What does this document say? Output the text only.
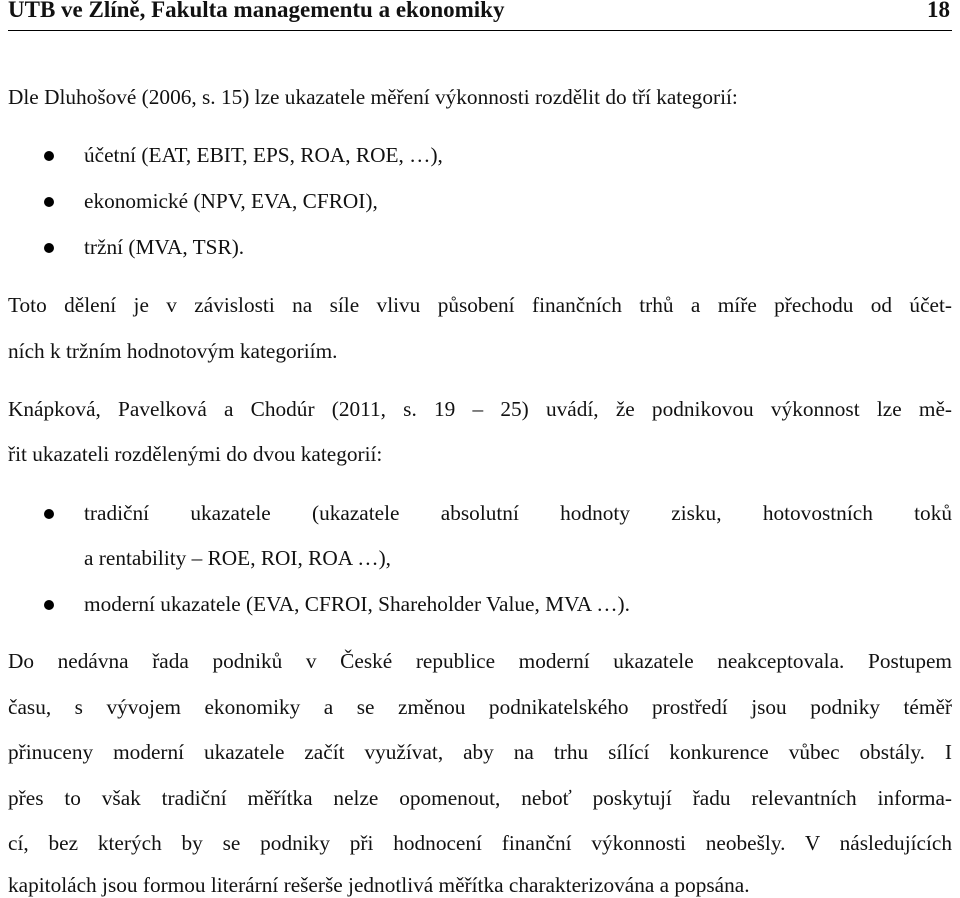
UTB ve Zlíně, Fakulta managementu a ekonomiky	18
Dle Dluhošové (2006, s. 15) lze ukazatele měření výkonnosti rozdělit do tří kategorií:
účetní (EAT, EBIT, EPS, ROA, ROE, …),
ekonomické (NPV, EVA, CFROI),
tržní (MVA, TSR).
Toto dělení je v závislosti na síle vlivu působení finančních trhů a míře přechodu od účet-
ních k tržním hodnotovým kategoriím.
Knápková, Pavelková a Chodúr (2011, s. 19 – 25) uvádí, že podnikovou výkonnost lze mě-
řit ukazateli rozdělenými do dvou kategorií:
tradiční ukazatele (ukazatele absolutní hodnoty zisku, hotovostních toků
a rentability – ROE, ROI, ROA …),
moderní ukazatele (EVA, CFROI, Shareholder Value, MVA …).
Do nedávna řada podniků v České republice moderní ukazatele neakceptovala. Postupem
času, s vývojem ekonomiky a se změnou podnikatelského prostředí jsou podniky téměř
přinuceny moderní ukazatele začít využívat, aby na trhu sílící konkurence vůbec obstály. I
přes to však tradiční měřítka nelze opomenout, neboť poskytují řadu relevantních informa-
cí, bez kterých by se podniky při hodnocení finanční výkonnosti neobešly. V následujících
kapitolách jsou formou literární rešerše jednotlivá měřítka charakterizována a popsána.
